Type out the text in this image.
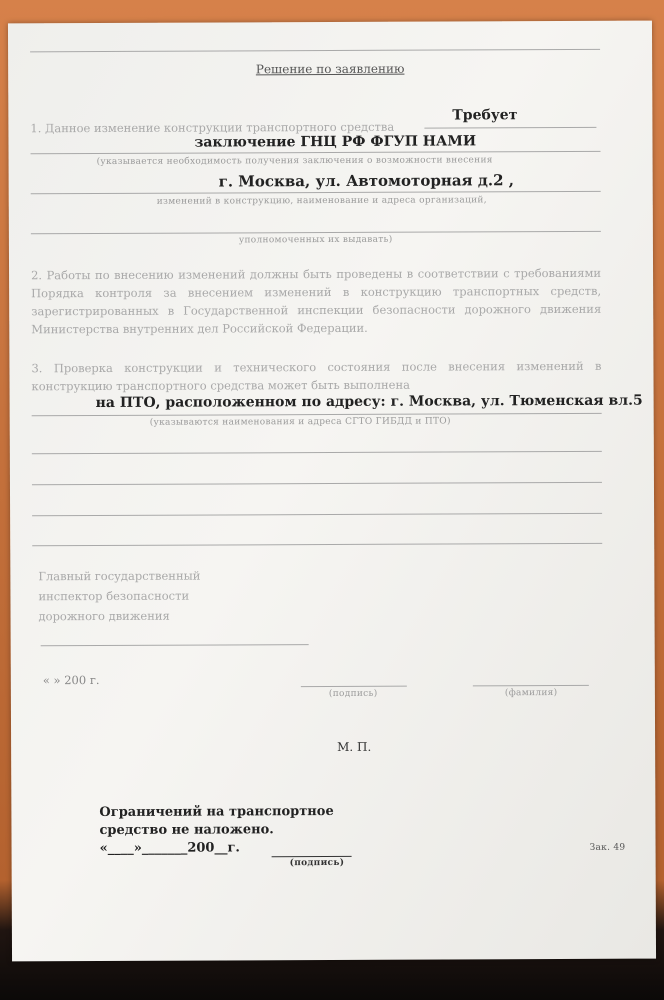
Решение по заявлению
1. Данное изменение конструкции транспортного средства
Требует
заключение ГНЦ РФ ФГУП НАМИ
(указывается необходимость получения заключения о возможности внесения
г. Москва, ул. Автомоторная д.2 ,
изменений в конструкцию, наименование и адреса организаций,
уполномоченных их выдавать)
2. Работы по внесению изменений должны быть проведены в соответствии с требованиями Порядка контроля за внесением изменений в конструкцию транспортных средств, зарегистрированных в Государственной инспекции безопасности дорожного движения Министерства внутренних дел Российской Федерации.
3. Проверка конструкции и технического состояния после внесения изменений в конструкцию транспортного средства может быть выполнена
на ПТО, расположенном по адресу: г. Москва, ул. Тюменская вл.5
(указываются наименования и адреса СГТО ГИБДД и ПТО)
Главный государственный
инспектор безопасности
дорожного движения
« » 200 г.
(подпись)	(фамилия)
М. П.
Ограничений на транспортное
средство не наложено.
«____»_______200__г.
(подпись)
Зак. 49
